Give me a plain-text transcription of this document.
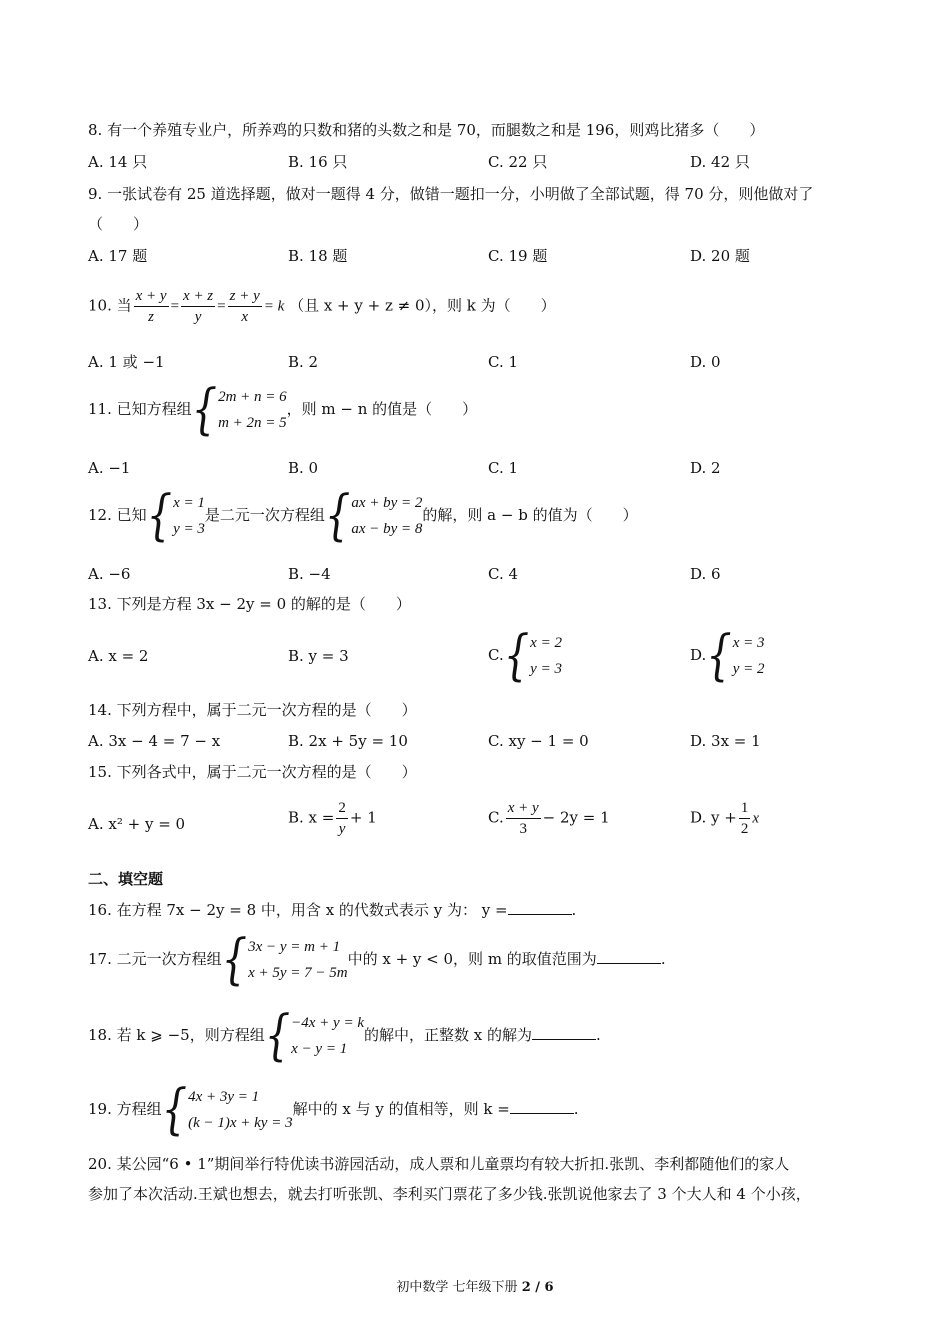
8. 有一个养殖专业户，所养鸡的只数和猪的头数之和是 70，而腿数之和是 196，则鸡比猪多（　　）
A. 14 只	B. 16 只	C. 22 只	D. 42 只
9. 一张试卷有 25 道选择题，做对一题得 4 分，做错一题扣一分，小明做了全部试题，得 70 分，则他做对了
（　　）
A. 17 题	B. 18 题	C. 19 题	D. 20 题
10. 当 $\frac{x + y}{z} = \frac{x + z}{y} = \frac{z + y}{x} = k$ （且 x + y + z ≠ 0），则 k 为（　　）
A. 1 或 −1	B. 2	C. 1	D. 0
11. 已知方程组 { 2m + n = 6
m + 2n = 5
，则 m − n 的值是（　　）
A. −1	B. 0	C. 1	D. 2
12. 已知 { x = 1
y = 3
是二元一次方程组 { ax + by = 2
ax − by = 8
的解，则 a − b 的值为（　　）
A. −6	B. −4	C. 4	D. 6
13. 下列是方程 3x − 2y = 0 的解的是（　　）
A. x = 2	B. y = 3	C. { x = 2
y = 3
D. { x = 3
y = 2
14. 下列方程中，属于二元一次方程的是（　　）
A. 3x − 4 = 7 − x	B. 2x + 5y = 10	C. xy − 1 = 0	D. 3x = 1
15. 下列各式中，属于二元一次方程的是（　　）
A. x² + y = 0	B. $x = \frac{2}{y} + 1$	C. $\frac{x + y}{3} - 2y = 1$	D. $y + \frac{1}{2}$ x
二、填空题
16. 在方程 7x − 2y = 8 中，用含 x 的代数式表示 y 为： y =	.
17. 二元一次方程组 { 3x − y = m + 1
x + 5y = 7 − 5m
中的 x + y < 0，则 m 的取值范围为	.
18. 若 k ⩾ −5，则方程组 { −4x + y = k
x − y = 1
的解中，正整数 x 的解为	.
19. 方程组 { 4x + 3y = 1
(k − 1)x + ky = 3
解中的 x 与 y 的值相等，则 k =	.
20. 某公园“6 • 1”期间举行特优读书游园活动，成人票和儿童票均有较大折扣.张凯、李利都随他们的家人
参加了本次活动.王斌也想去，就去打听张凯、李利买门票花了多少钱.张凯说他家去了 3 个大人和 4 个小孩，
初中数学 七年级下册 2 / 6
